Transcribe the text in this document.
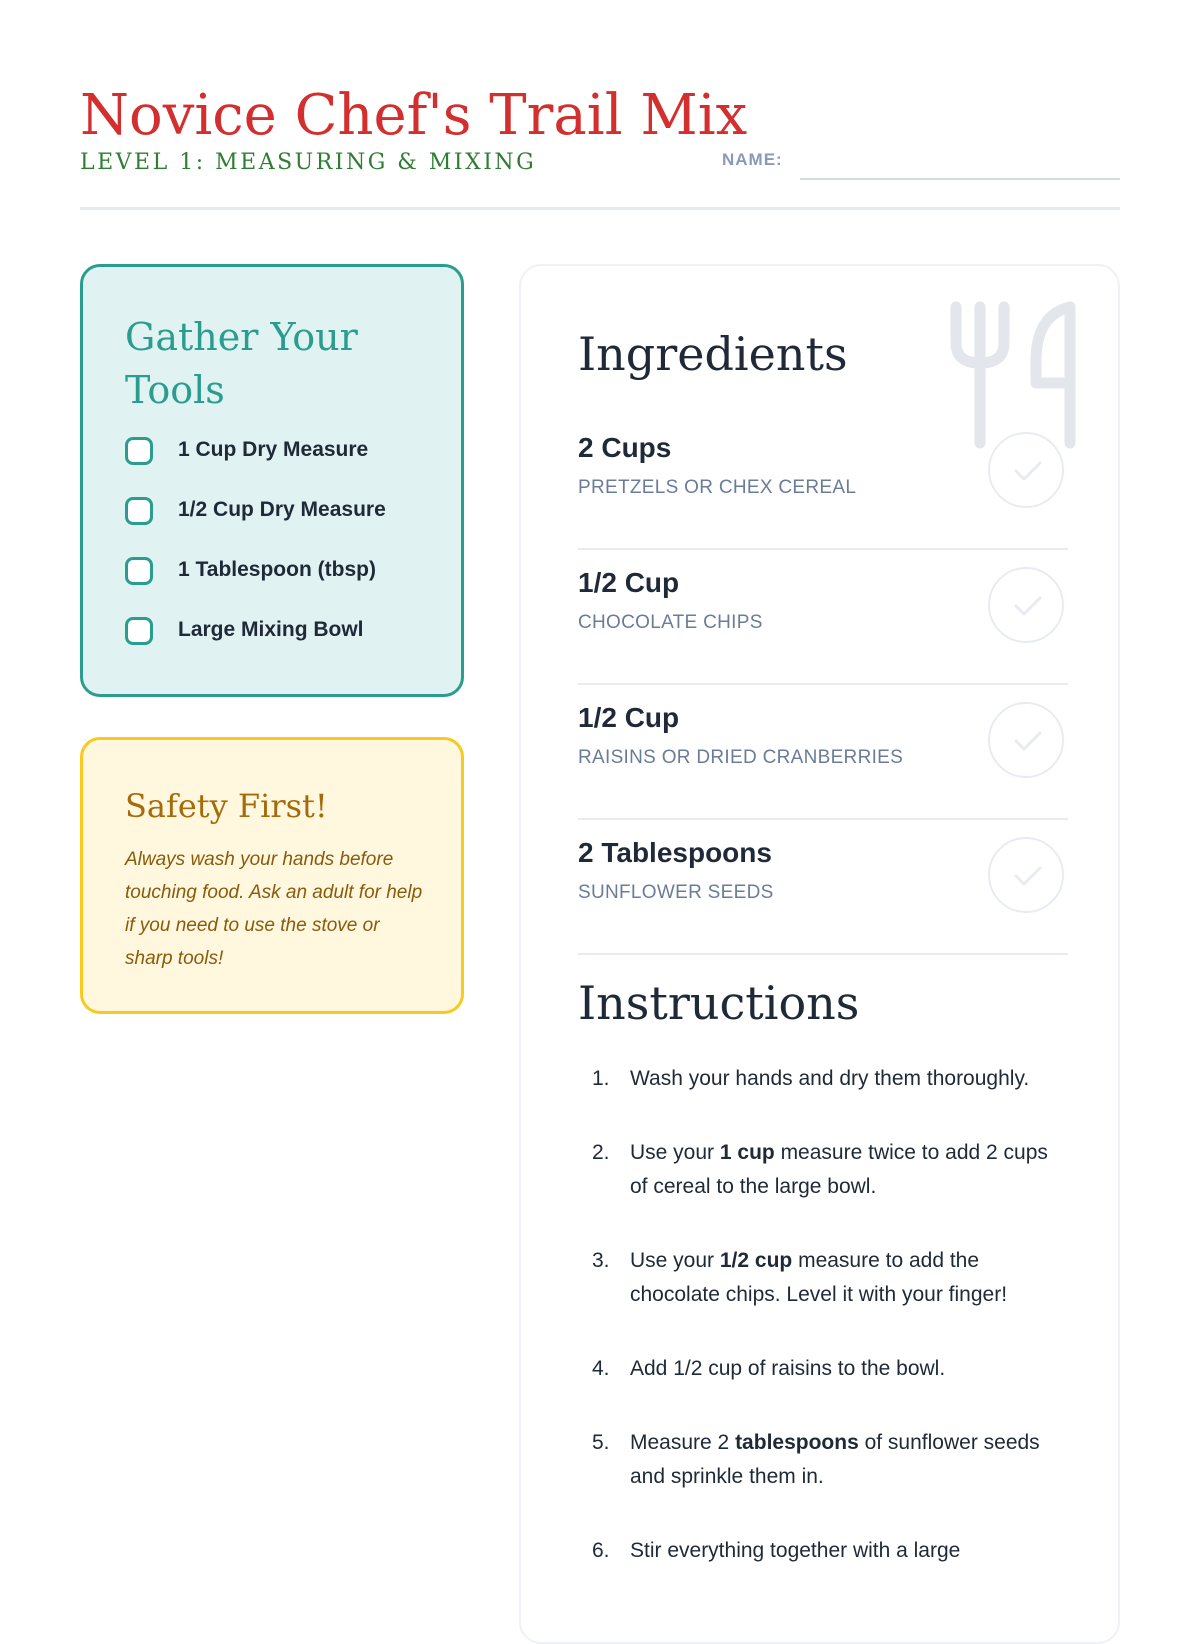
Novice Chef's Trail Mix
LEVEL 1: MEASURING & MIXING	NAME:
Gather Your Tools
1 Cup Dry Measure
1/2 Cup Dry Measure
1 Tablespoon (tbsp)
Large Mixing Bowl
Safety First!

Always wash your hands before touching food. Ask an adult for help if you need to use the stove or sharp tools!

Ingredients
2 Cups
PRETZELS OR CHEX CEREAL
1/2 Cup
CHOCOLATE CHIPS
1/2 Cup
RAISINS OR DRIED CRANBERRIES
2 Tablespoons
SUNFLOWER SEEDS
Instructions
1. Wash your hands and dry them thoroughly.
2. Use your 1 cup measure twice to add 2 cups of cereal to the large bowl.
3. Use your 1/2 cup measure to add the chocolate chips. Level it with your finger!
4. Add 1/2 cup of raisins to the bowl.
5. Measure 2 tablespoons of sunflower seeds and sprinkle them in.
6. Stir everything together with a large
